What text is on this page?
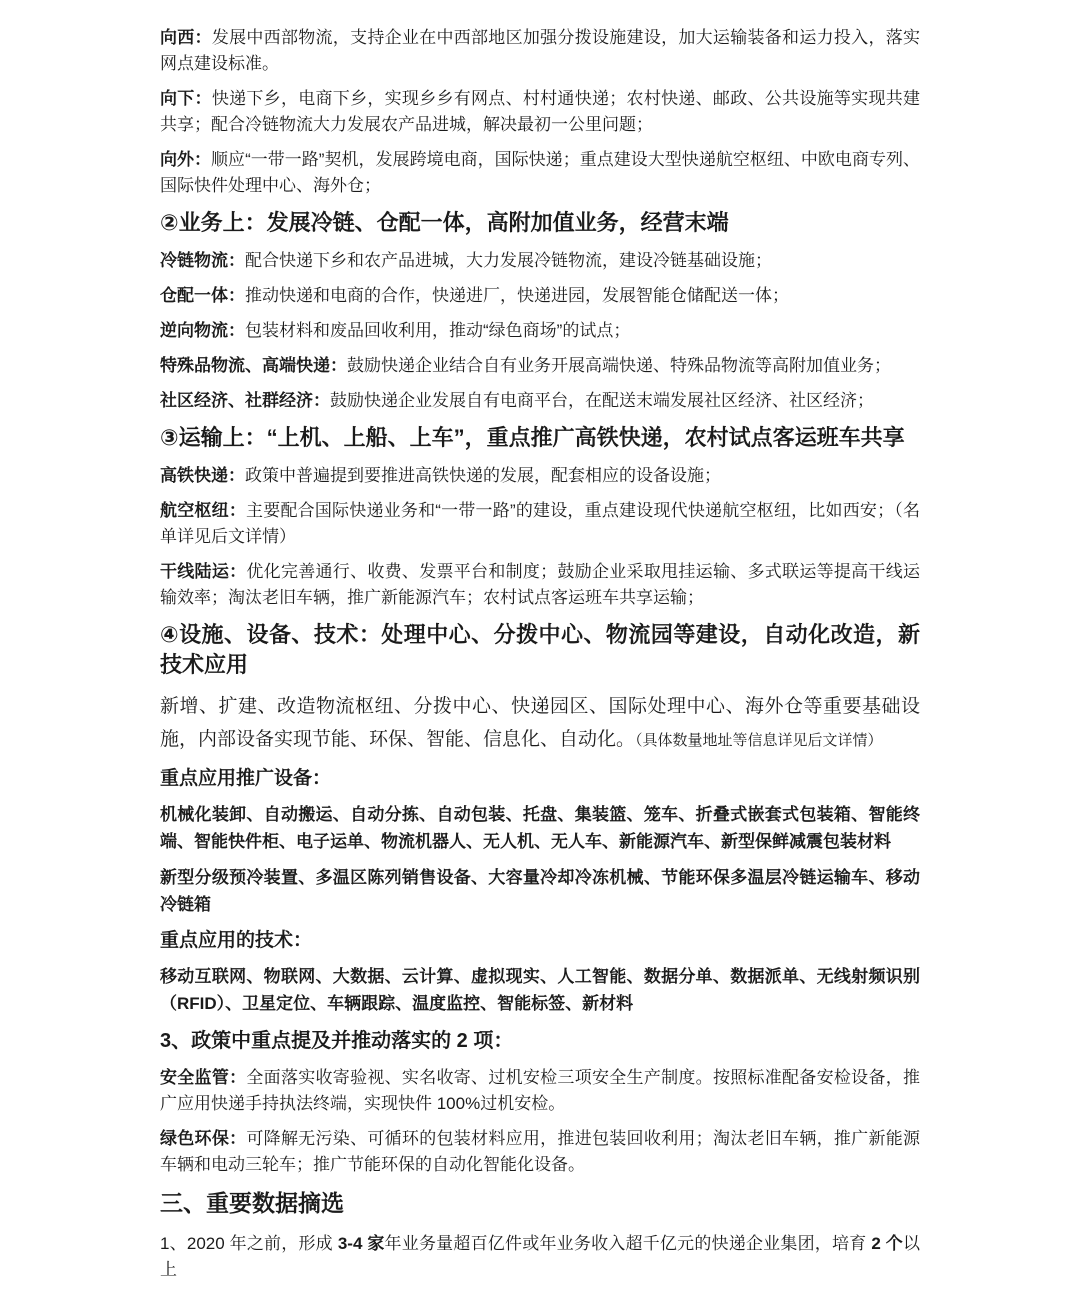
向西：发展中西部物流，支持企业在中西部地区加强分拨设施建设，加大运输装备和运力投入，落实网点建设标准。

向下：快递下乡，电商下乡，实现乡乡有网点、村村通快递；农村快递、邮政、公共设施等实现共建共享；配合冷链物流大力发展农产品进城，解决最初一公里问题；

向外：顺应“一带一路”契机，发展跨境电商，国际快递；重点建设大型快递航空枢纽、中欧电商专列、国际快件处理中心、海外仓；

②业务上：发展冷链、仓配一体，高附加值业务，经营末端

冷链物流：配合快递下乡和农产品进城，大力发展冷链物流，建设冷链基础设施；

仓配一体：推动快递和电商的合作，快递进厂，快递进园，发展智能仓储配送一体；

逆向物流：包装材料和废品回收利用，推动“绿色商场”的试点；

特殊品物流、高端快递：鼓励快递企业结合自有业务开展高端快递、特殊品物流等高附加值业务；

社区经济、社群经济：鼓励快递企业发展自有电商平台，在配送末端发展社区经济、社区经济；

③运输上：“上机、上船、上车”，重点推广高铁快递，农村试点客运班车共享

高铁快递：政策中普遍提到要推进高铁快递的发展，配套相应的设备设施；

航空枢纽：主要配合国际快递业务和“一带一路”的建设，重点建设现代快递航空枢纽，比如西安；（名单详见后文详情）

干线陆运：优化完善通行、收费、发票平台和制度；鼓励企业采取甩挂运输、多式联运等提高干线运输效率；淘汰老旧车辆，推广新能源汽车；农村试点客运班车共享运输；

④设施、设备、技术：处理中心、分拨中心、物流园等建设，自动化改造，新技术应用

新增、扩建、改造物流枢纽、分拨中心、快递园区、国际处理中心、海外仓等重要基础设施，内部设备实现节能、环保、智能、信息化、自动化。（具体数量地址等信息详见后文详情）

重点应用推广设备：

机械化装卸、自动搬运、自动分拣、自动包装、托盘、集装篮、笼车、折叠式嵌套式包装箱、智能终端、智能快件柜、电子运单、物流机器人、无人机、无人车、新能源汽车、新型保鲜减震包装材料

新型分级预冷装置、多温区陈列销售设备、大容量冷却冷冻机械、节能环保多温层冷链运输车、移动冷链箱

重点应用的技术：

移动互联网、物联网、大数据、云计算、虚拟现实、人工智能、数据分单、数据派单、无线射频识别（RFID）、卫星定位、车辆跟踪、温度监控、智能标签、新材料

3、政策中重点提及并推动落实的 2 项：

安全监管：全面落实收寄验视、实名收寄、过机安检三项安全生产制度。按照标准配备安检设备，推广应用快递手持执法终端，实现快件 100%过机安检。

绿色环保：可降解无污染、可循环的包装材料应用，推进包装回收利用；淘汰老旧车辆，推广新能源车辆和电动三轮车；推广节能环保的自动化智能化设备。

三、重要数据摘选

1、2020 年之前，形成 3-4 家年业务量超百亿件或年业务收入超千亿元的快递企业集团，培育 2 个以上
